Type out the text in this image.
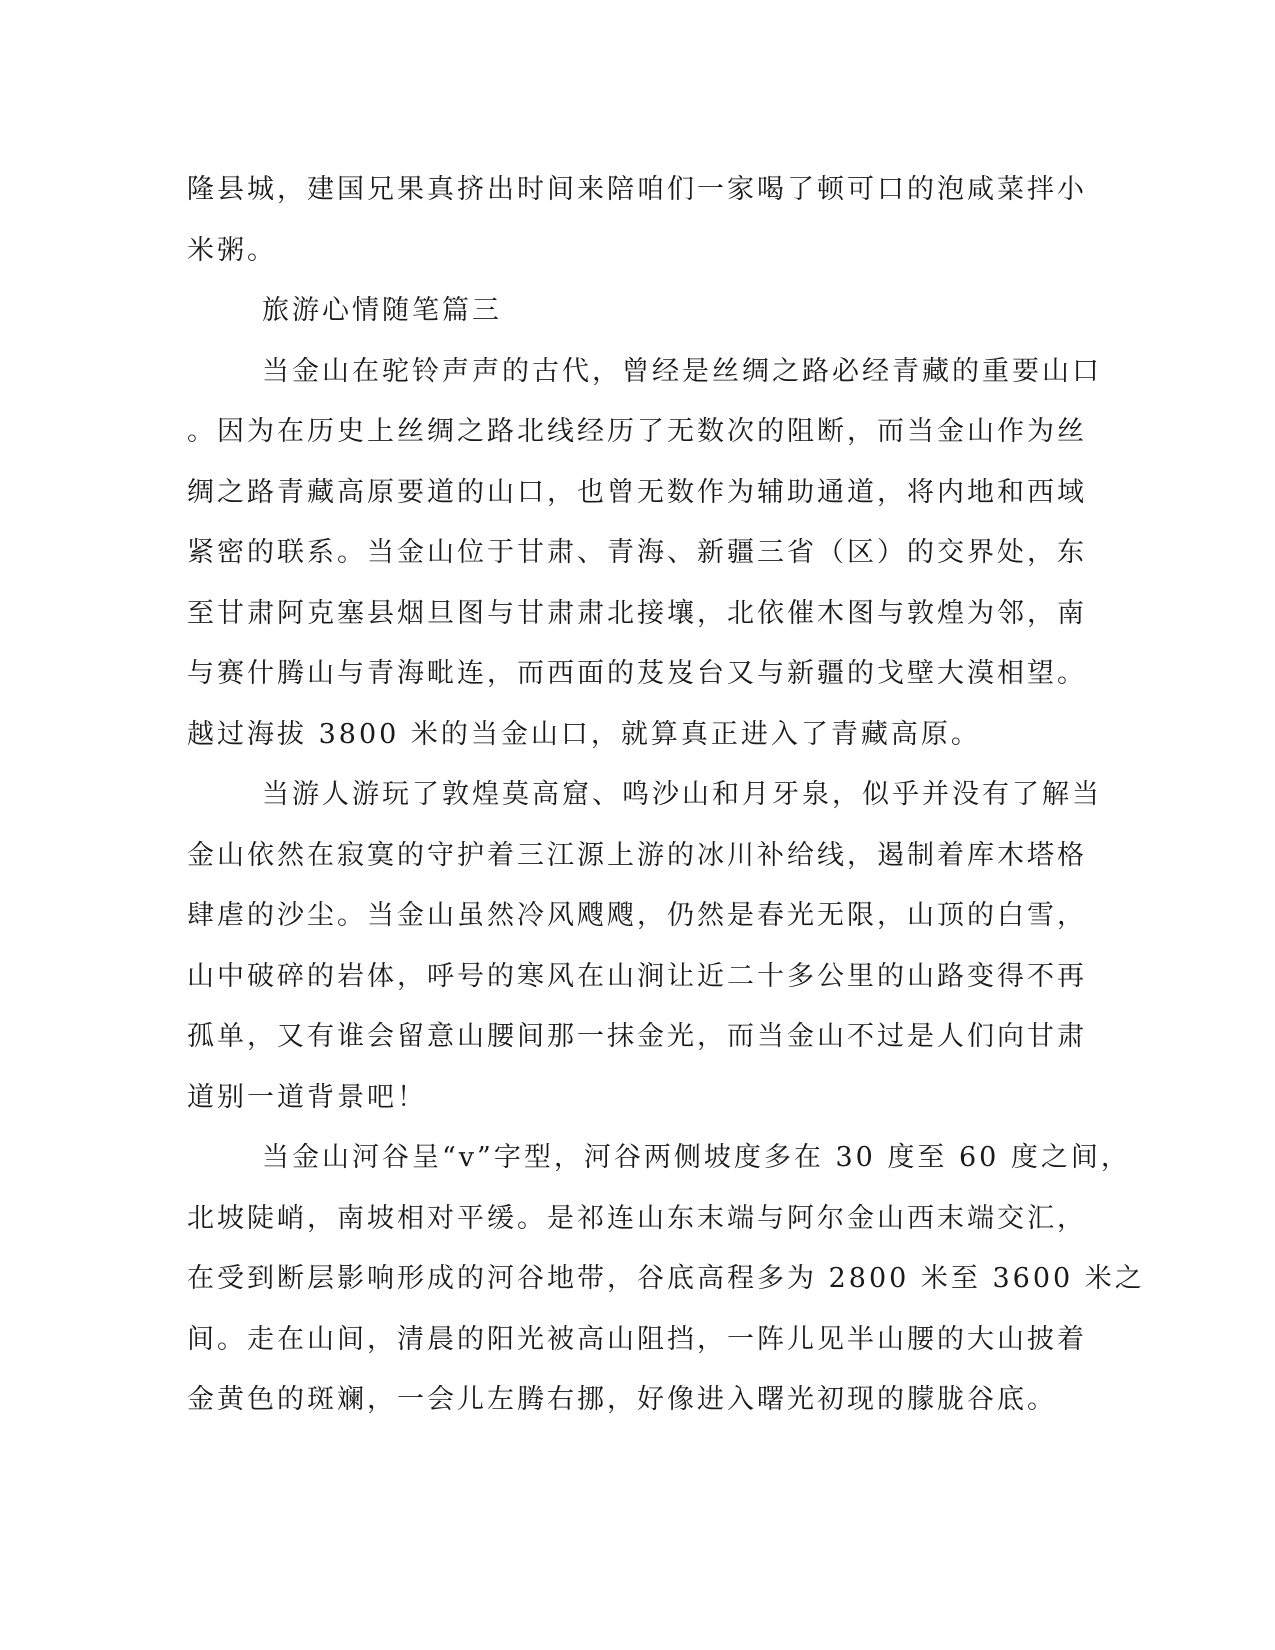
隆县城，建国兄果真挤出时间来陪咱们一家喝了顿可口的泡咸菜拌小
米粥。
旅游心情随笔篇三
当金山在驼铃声声的古代，曾经是丝绸之路必经青藏的重要山口
。因为在历史上丝绸之路北线经历了无数次的阻断，而当金山作为丝
绸之路青藏高原要道的山口，也曾无数作为辅助通道，将内地和西域
紧密的联系。当金山位于甘肃、青海、新疆三省（区）的交界处，东
至甘肃阿克塞县烟旦图与甘肃肃北接壤，北依催木图与敦煌为邻，南
与赛什腾山与青海毗连，而西面的芨岌台又与新疆的戈壁大漠相望。
越过海拔 3800 米的当金山口，就算真正进入了青藏高原。
当游人游玩了敦煌莫高窟、鸣沙山和月牙泉，似乎并没有了解当
金山依然在寂寞的守护着三江源上游的冰川补给线，遏制着库木塔格
肆虐的沙尘。当金山虽然冷风飕飕，仍然是春光无限，山顶的白雪，
山中破碎的岩体，呼号的寒风在山涧让近二十多公里的山路变得不再
孤单，又有谁会留意山腰间那一抹金光，而当金山不过是人们向甘肃
道别一道背景吧！
当金山河谷呈“v”字型，河谷两侧坡度多在 30 度至 60 度之间，
北坡陡峭，南坡相对平缓。是祁连山东末端与阿尔金山西末端交汇，
在受到断层影响形成的河谷地带，谷底高程多为 2800 米至 3600 米之
间。走在山间，清晨的阳光被高山阻挡，一阵儿见半山腰的大山披着
金黄色的斑斓，一会儿左腾右挪，好像进入曙光初现的朦胧谷底。
